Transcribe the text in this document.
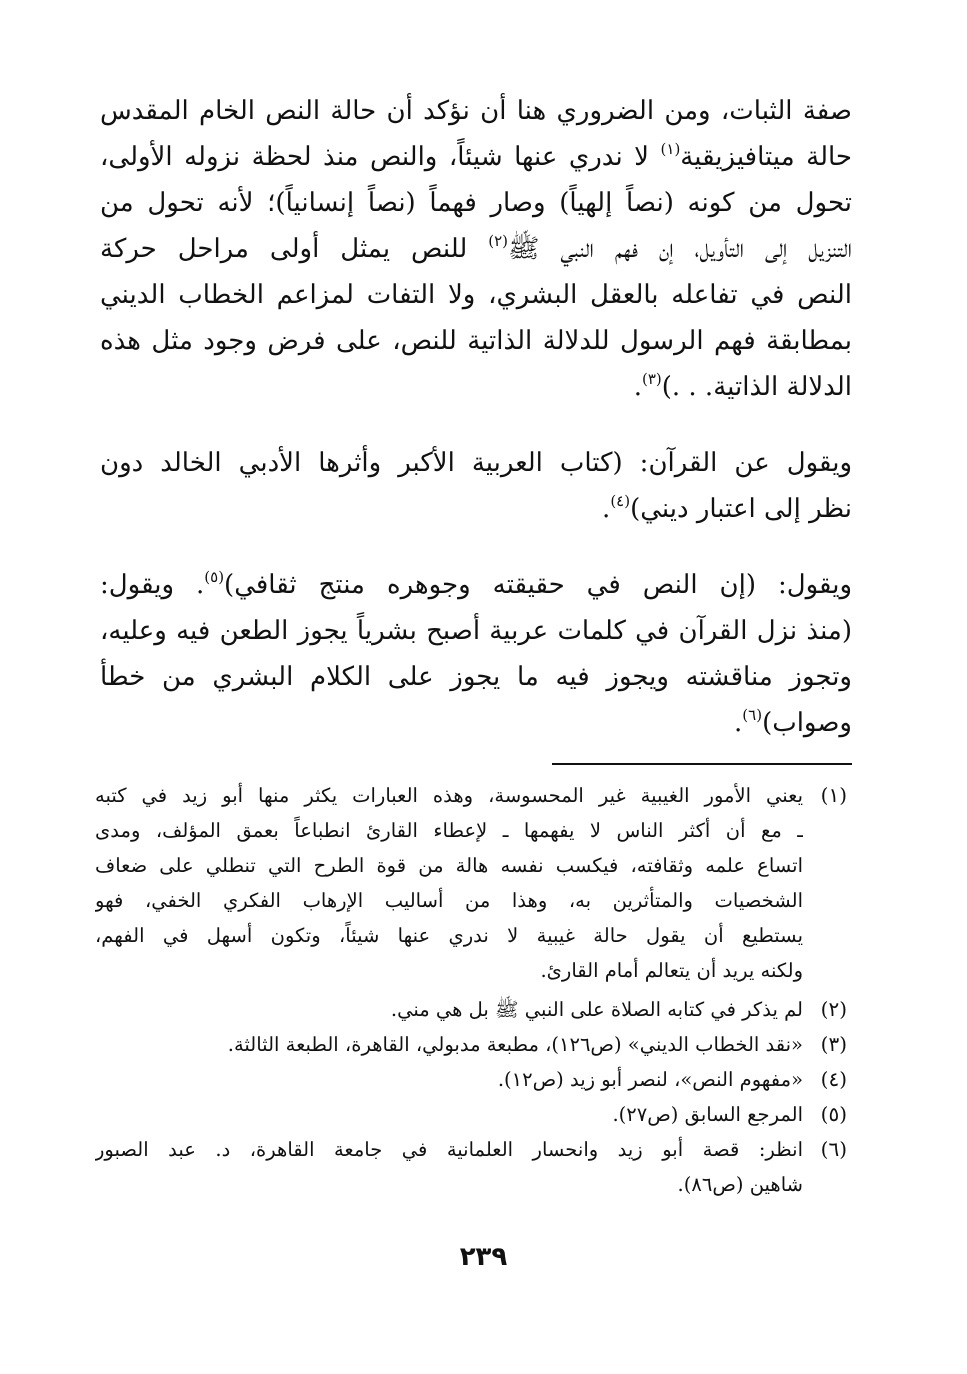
صفة الثبات، ومن الضروري هنا أن نؤكد أن حالة النص الخام المقدس
حالة ميتافيزيقية$^{(١)}$ لا ندري عنها شيئاً، والنص منذ لحظة نزوله الأولى،
تحول من كونه (نصاً إلهياً) وصار فهماً (نصاً إنسانياً)؛ لأنه تحول من
التنزيل إلى التأويل، إن فهم النبي ﷺ$^{(٢)}$ للنص يمثل أولى مراحل حركة
النص في تفاعله بالعقل البشري، ولا التفات لمزاعم الخطاب الديني
بمطابقة فهم الرسول للدلالة الذاتية للنص، على فرض وجود مثل هذه
الدلالة الذاتية. . .)$^{(٣)}$.
ويقول عن القرآن: (كتاب العربية الأكبر وأثرها الأدبي الخالد دون
نظر إلى اعتبار ديني)$^{(٤)}$.
ويقول: (إن النص في حقيقته وجوهره منتج ثقافي)$^{(٥)}$. ويقول:
(منذ نزل القرآن في كلمات عربية أصبح بشرياً يجوز الطعن فيه وعليه،
وتجوز مناقشته ويجوز فيه ما يجوز على الكلام البشري من خطأ
وصواب)$^{(٦)}$.
(١)
يعني الأمور الغيبية غير المحسوسة، وهذه العبارات يكثر منها أبو زيد في كتبه
ـ مع أن أكثر الناس لا يفهمها ـ لإعطاء القارئ انطباعاً بعمق المؤلف، ومدى
اتساع علمه وثقافته، فيكسب نفسه هالة من قوة الطرح التي تنطلي على ضعاف
الشخصيات والمتأثرين به، وهذا من أساليب الإرهاب الفكري الخفي، فهو
يستطيع أن يقول حالة غيبية لا ندري عنها شيئاً، وتكون أسهل في الفهم،
ولكنه يريد أن يتعالم أمام القارئ.
(٢)
لم يذكر في كتابه الصلاة على النبي ﷺ بل هي مني.
(٣)
«نقد الخطاب الديني» (ص١٢٦)، مطبعة مدبولي، القاهرة، الطبعة الثالثة.
(٤)
«مفهوم النص»، لنصر أبو زيد (ص١٢).
(٥)
المرجع السابق (ص٢٧).
(٦)
انظر: قصة أبو زيد وانحسار العلمانية في جامعة القاهرة، د. عبد الصبور
شاهين (ص٨٦).
٢٣٩
